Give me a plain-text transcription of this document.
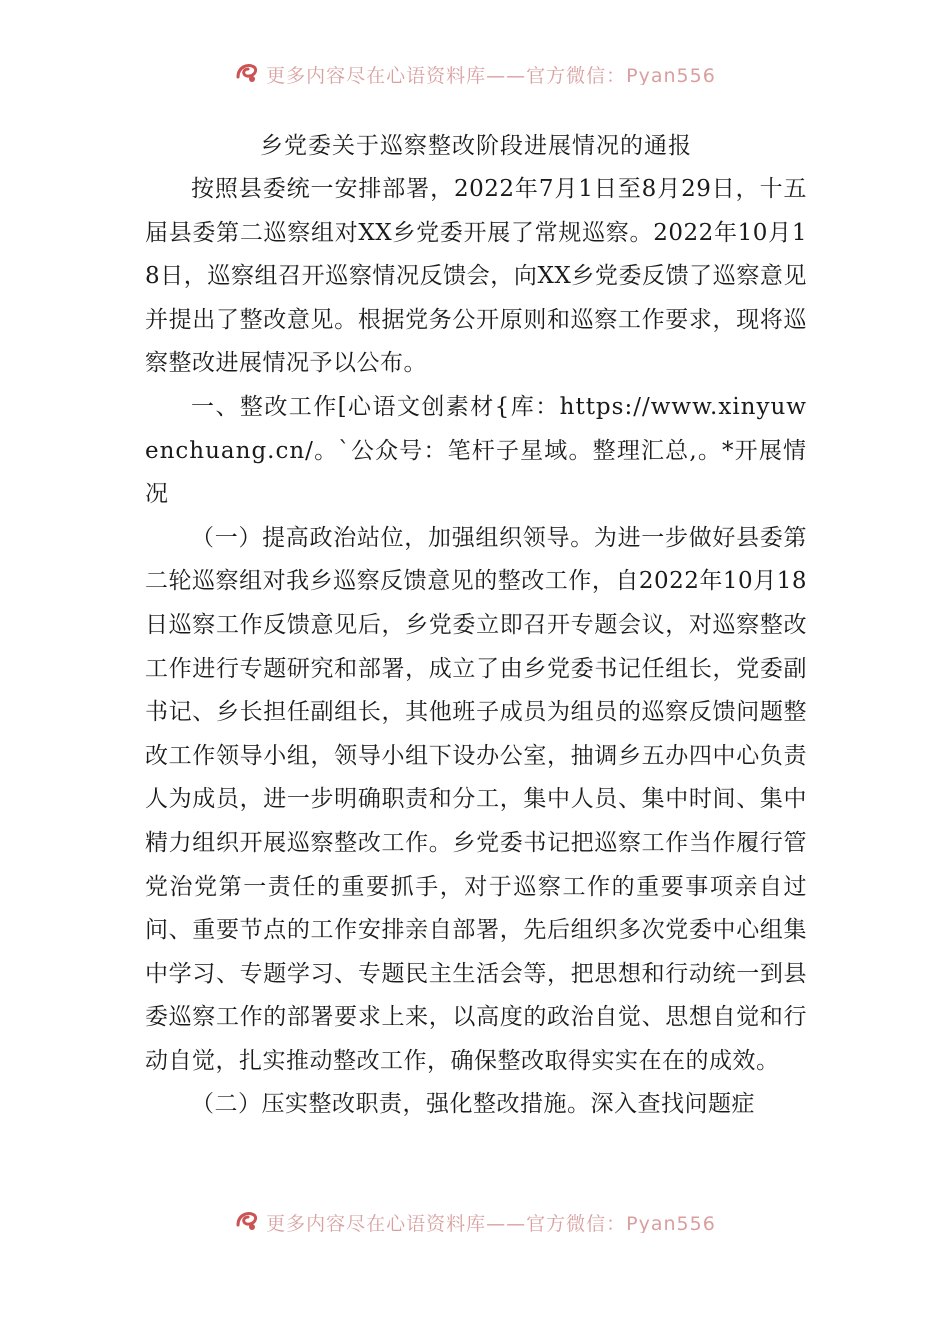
更多内容尽在心语资料库——官方微信：Pyan556
乡党委关于巡察整改阶段进展情况的通报

按照县委统一安排部署，2022年7月1日至8月29日，十五届县委第二巡察组对XX乡党委开展了常规巡察。2022年10月18日，巡察组召开巡察情况反馈会，向XX乡党委反馈了巡察意见并提出了整改意见。根据党务公开原则和巡察工作要求，现将巡察整改进展情况予以公布。

一、整改工作[心语文创素材{库：https://www.xinyuwenchuang.cn/。`公众号：笔杆子星域。整理汇总,。*开展情况

（一）提高政治站位，加强组织领导。为进一步做好县委第二轮巡察组对我乡巡察反馈意见的整改工作，自2022年10月18日巡察工作反馈意见后，乡党委立即召开专题会议，对巡察整改工作进行专题研究和部署，成立了由乡党委书记任组长，党委副书记、乡长担任副组长，其他班子成员为组员的巡察反馈问题整改工作领导小组，领导小组下设办公室，抽调乡五办四中心负责人为成员，进一步明确职责和分工，集中人员、集中时间、集中精力组织开展巡察整改工作。乡党委书记把巡察工作当作履行管党治党第一责任的重要抓手，对于巡察工作的重要事项亲自过问、重要节点的工作安排亲自部署，先后组织多次党委中心组集中学习、专题学习、专题民主生活会等，把思想和行动统一到县委巡察工作的部署要求上来，以高度的政治自觉、思想自觉和行动自觉，扎实推动整改工作，确保整改取得实实在在的成效。

（二）压实整改职责，强化整改措施。深入查找问题症

更多内容尽在心语资料库——官方微信：Pyan556
